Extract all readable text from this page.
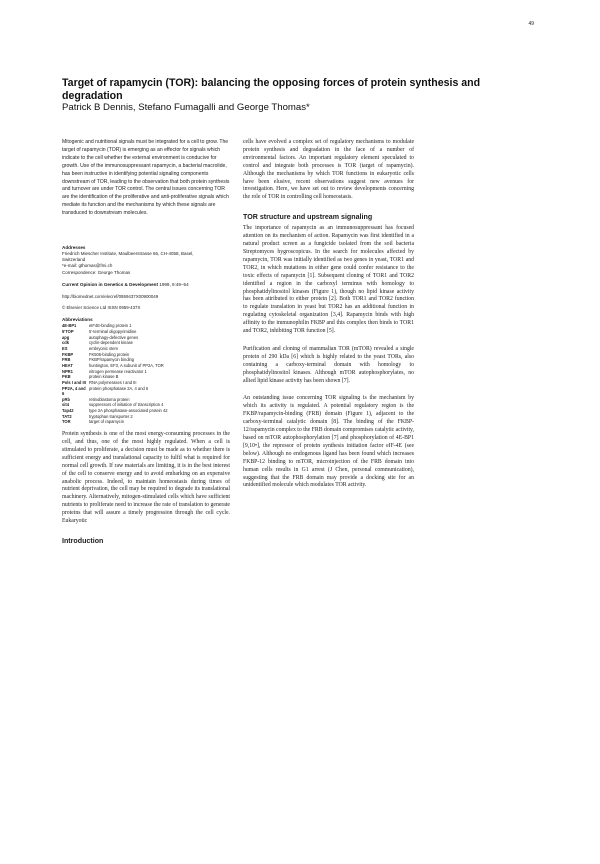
49
Target of rapamycin (TOR): balancing the opposing forces of protein synthesis and degradation

Patrick B Dennis, Stefano Fumagalli and George Thomas*

Mitogenic and nutritional signals must be integrated for a cell to grow. The target of rapamycin (TOR) is emerging as an effector for signals which indicate to the cell whether the external environment is conducive for growth. Use of the immunosuppressant rapamycin, a bacterial macrolide, has been instructive in identifying potential signaling components downstream of TOR, leading to the observation that both protein synthesis and turnover are under TOR control. The central issues concerning TOR are the identification of the proliferative and anti-proliferative signals which mediate its function and the mechanisms by which these signals are transduced to downstream molecules.

Addresses

Friedrich Miescher Institute, Maulbeerstrasse 66, CH-4058, Basel,
Switzerland
*e-mail: gthomas@fmi.ch
Correspondence: George Thomas

Current Opinion in Genetics & Development 1999, 9:49–54

http://biomednet.com/elecref/0959437X00900049

© Elsevier Science Ltd ISSN 0959-437X

Abbreviations
4E-BP1	eIF4E-binding protein 1
5'TOP	5'-terminal oligopyrimidine
apg	autophagy-defective genes
cdk	cyclin-dependent kinase
ES	embryonic stem
FKBP	FK506-binding protein
FRB	FKBP/rapamycin binding
HEAT	huntington, EF3, A subunit of PP2A, TOR
NPR1	nitrogen permease reactivator 1
PKB	protein kinase B
Pols I and III	RNA polymerases I and III
PP2A, 4 and 6	protein phosphatase 2A, 4 and 6
pRb	retinoblastoma protein
sit4	suppressors of initiation of transcription 4
Tap42	type 2A phosphatase-associated protein 42
TAT2	tryptophan transporter 2
TOR	target of rapamycin

Protein synthesis is one of the most energy-consuming processes in the cell, and thus, one of the most highly regulated. When a cell is stimulated to proliferate, a decision must be made as to whether there is sufficient energy and translational capacity to fulfil what is required for normal cell growth. If raw materials are limiting, it is in the best interest of the cell to conserve energy and to avoid embarking on an expensive anabolic process. Indeed, to maintain homeostasis during times of nutrient deprivation, the cell may be required to degrade its translational machinery. Alternatively, mitogen-stimulated cells which have sufficient nutrients to proliferate need to increase the rate of translation to generate proteins that will assure a timely progression through the cell cycle. Eukaryotic

Introduction

cells have evolved a complex set of regulatory mechanisms to modulate protein synthesis and degradation in the face of a number of environmental factors. An important regulatory element speculated to control and integrate both processes is TOR (target of rapamycin). Although the mechanisms by which TOR functions in eukaryotic cells have been elusive, recent observations suggest new avenues for investigation. Here, we have set out to review developments concerning the role of TOR in controlling cell homeostasis.

TOR structure and upstream signaling

The importance of rapamycin as an immunosuppressant has focused attention on its mechanism of action. Rapamycin was first identified in a natural product screen as a fungicide isolated from the soil bacteria Streptomyces hygroscopicus. In the search for molecules affected by rapamycin, TOR was initially identified as two genes in yeast, TOR1 and TOR2, in which mutations in either gene could confer resistance to the toxic effects of rapamycin [1]. Subsequent cloning of TOR1 and TOR2 identified a region in the carboxyl terminus with homology to phosphatidylinositol kinases (Figure 1), though no lipid kinase activity has been attributed to either protein [2]. Both TOR1 and TOR2 function to regulate translation in yeast but TOR2 has an additional function in regulating cytoskeletal organization [3,4]. Rapamycin binds with high affinity to the immunophilin FKBP and this complex then binds to TOR1 and TOR2, inhibiting TOR function [5].

Purification and cloning of mammalian TOR (mTOR) revealed a single protein of 290 kDa [6] which is highly related to the yeast TORs, also containing a carboxy-terminal domain with homology to phosphatidylinositol kinases. Although mTOR autophosphorylates, no allied lipid kinase activity has been shown [7].

An outstanding issue concerning TOR signaling is the mechanism by which its activity is regulated. A potential regulatory region is the FKBP/rapamycin-binding (FRB) domain (Figure 1), adjacent to the carboxy-terminal catalytic domain [8]. The binding of the FKBP-12/rapamycin complex to the FRB domain compromises catalytic activity, based on mTOR autophosphorylation [7] and phosphorylation of 4E-BP1 [9,10•], the repressor of protein synthesis initiation factor eIF-4E (see below). Although no endogenous ligand has been found which increases FKBP-12 binding to mTOR, microinjection of the FRB domain into human cells results in G1 arrest (J Chen, personal communication), suggesting that the FRB domain may provide a docking site for an unidentified molecule which modulates TOR activity.
